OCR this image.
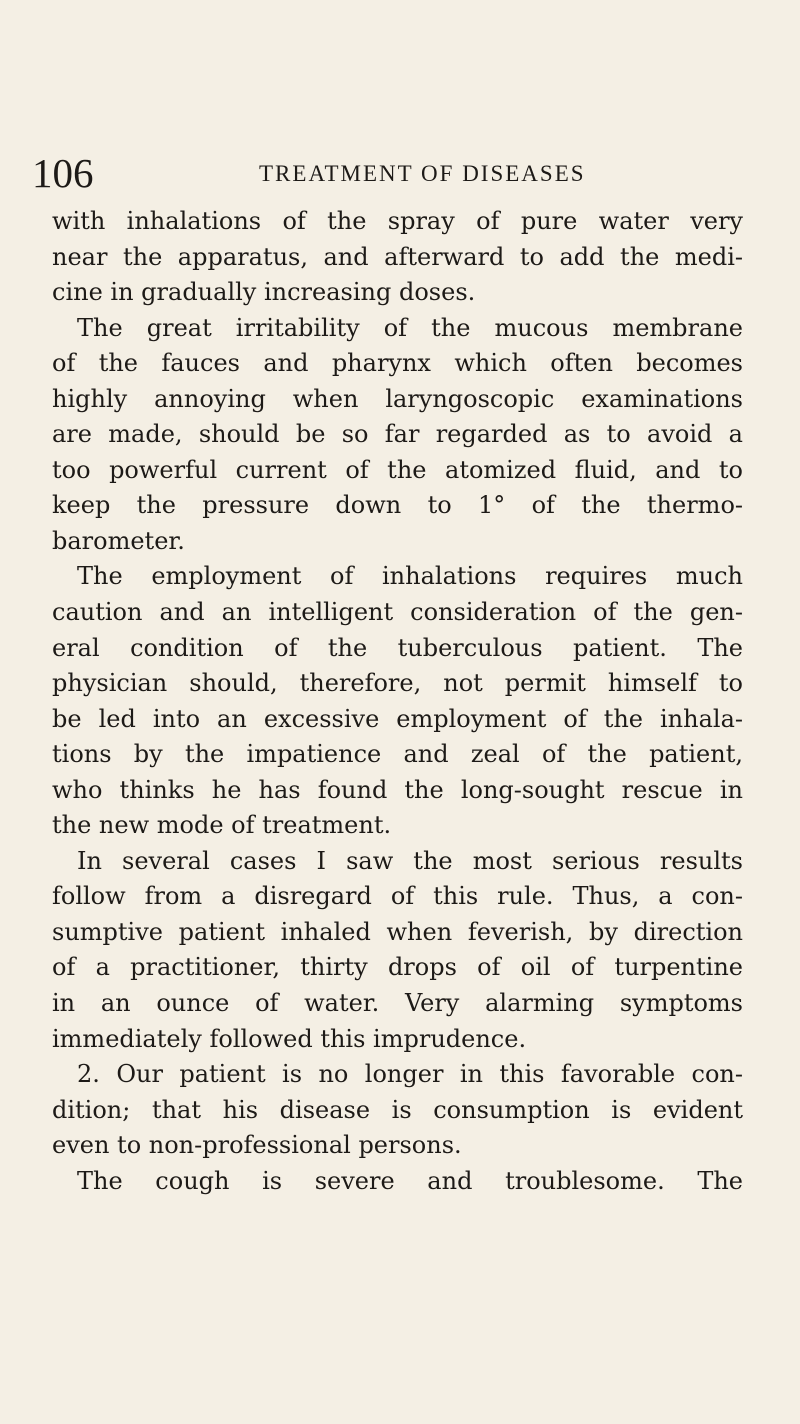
106	TREATMENT OF DISEASES
with inhalations of the spray of pure water very
near the apparatus, and afterward to add the medi-
cine in gradually increasing doses.
The great irritability of the mucous membrane
of the fauces and pharynx which often becomes
highly annoying when laryngoscopic examinations
are made, should be so far regarded as to avoid a
too powerful current of the atomized fluid, and to
keep the pressure down to 1° of the thermo-
barometer.
The employment of inhalations requires much
caution and an intelligent consideration of the gen-
eral condition of the tuberculous patient. The
physician should, therefore, not permit himself to
be led into an excessive employment of the inhala-
tions by the impatience and zeal of the patient,
who thinks he has found the long-sought rescue in
the new mode of treatment.
In several cases I saw the most serious results
follow from a disregard of this rule. Thus, a con-
sumptive patient inhaled when feverish, by direction
of a practitioner, thirty drops of oil of turpentine
in an ounce of water. Very alarming symptoms
immediately followed this imprudence.
2. Our patient is no longer in this favorable con-
dition; that his disease is consumption is evident
even to non-professional persons.
The cough is severe and troublesome. The
